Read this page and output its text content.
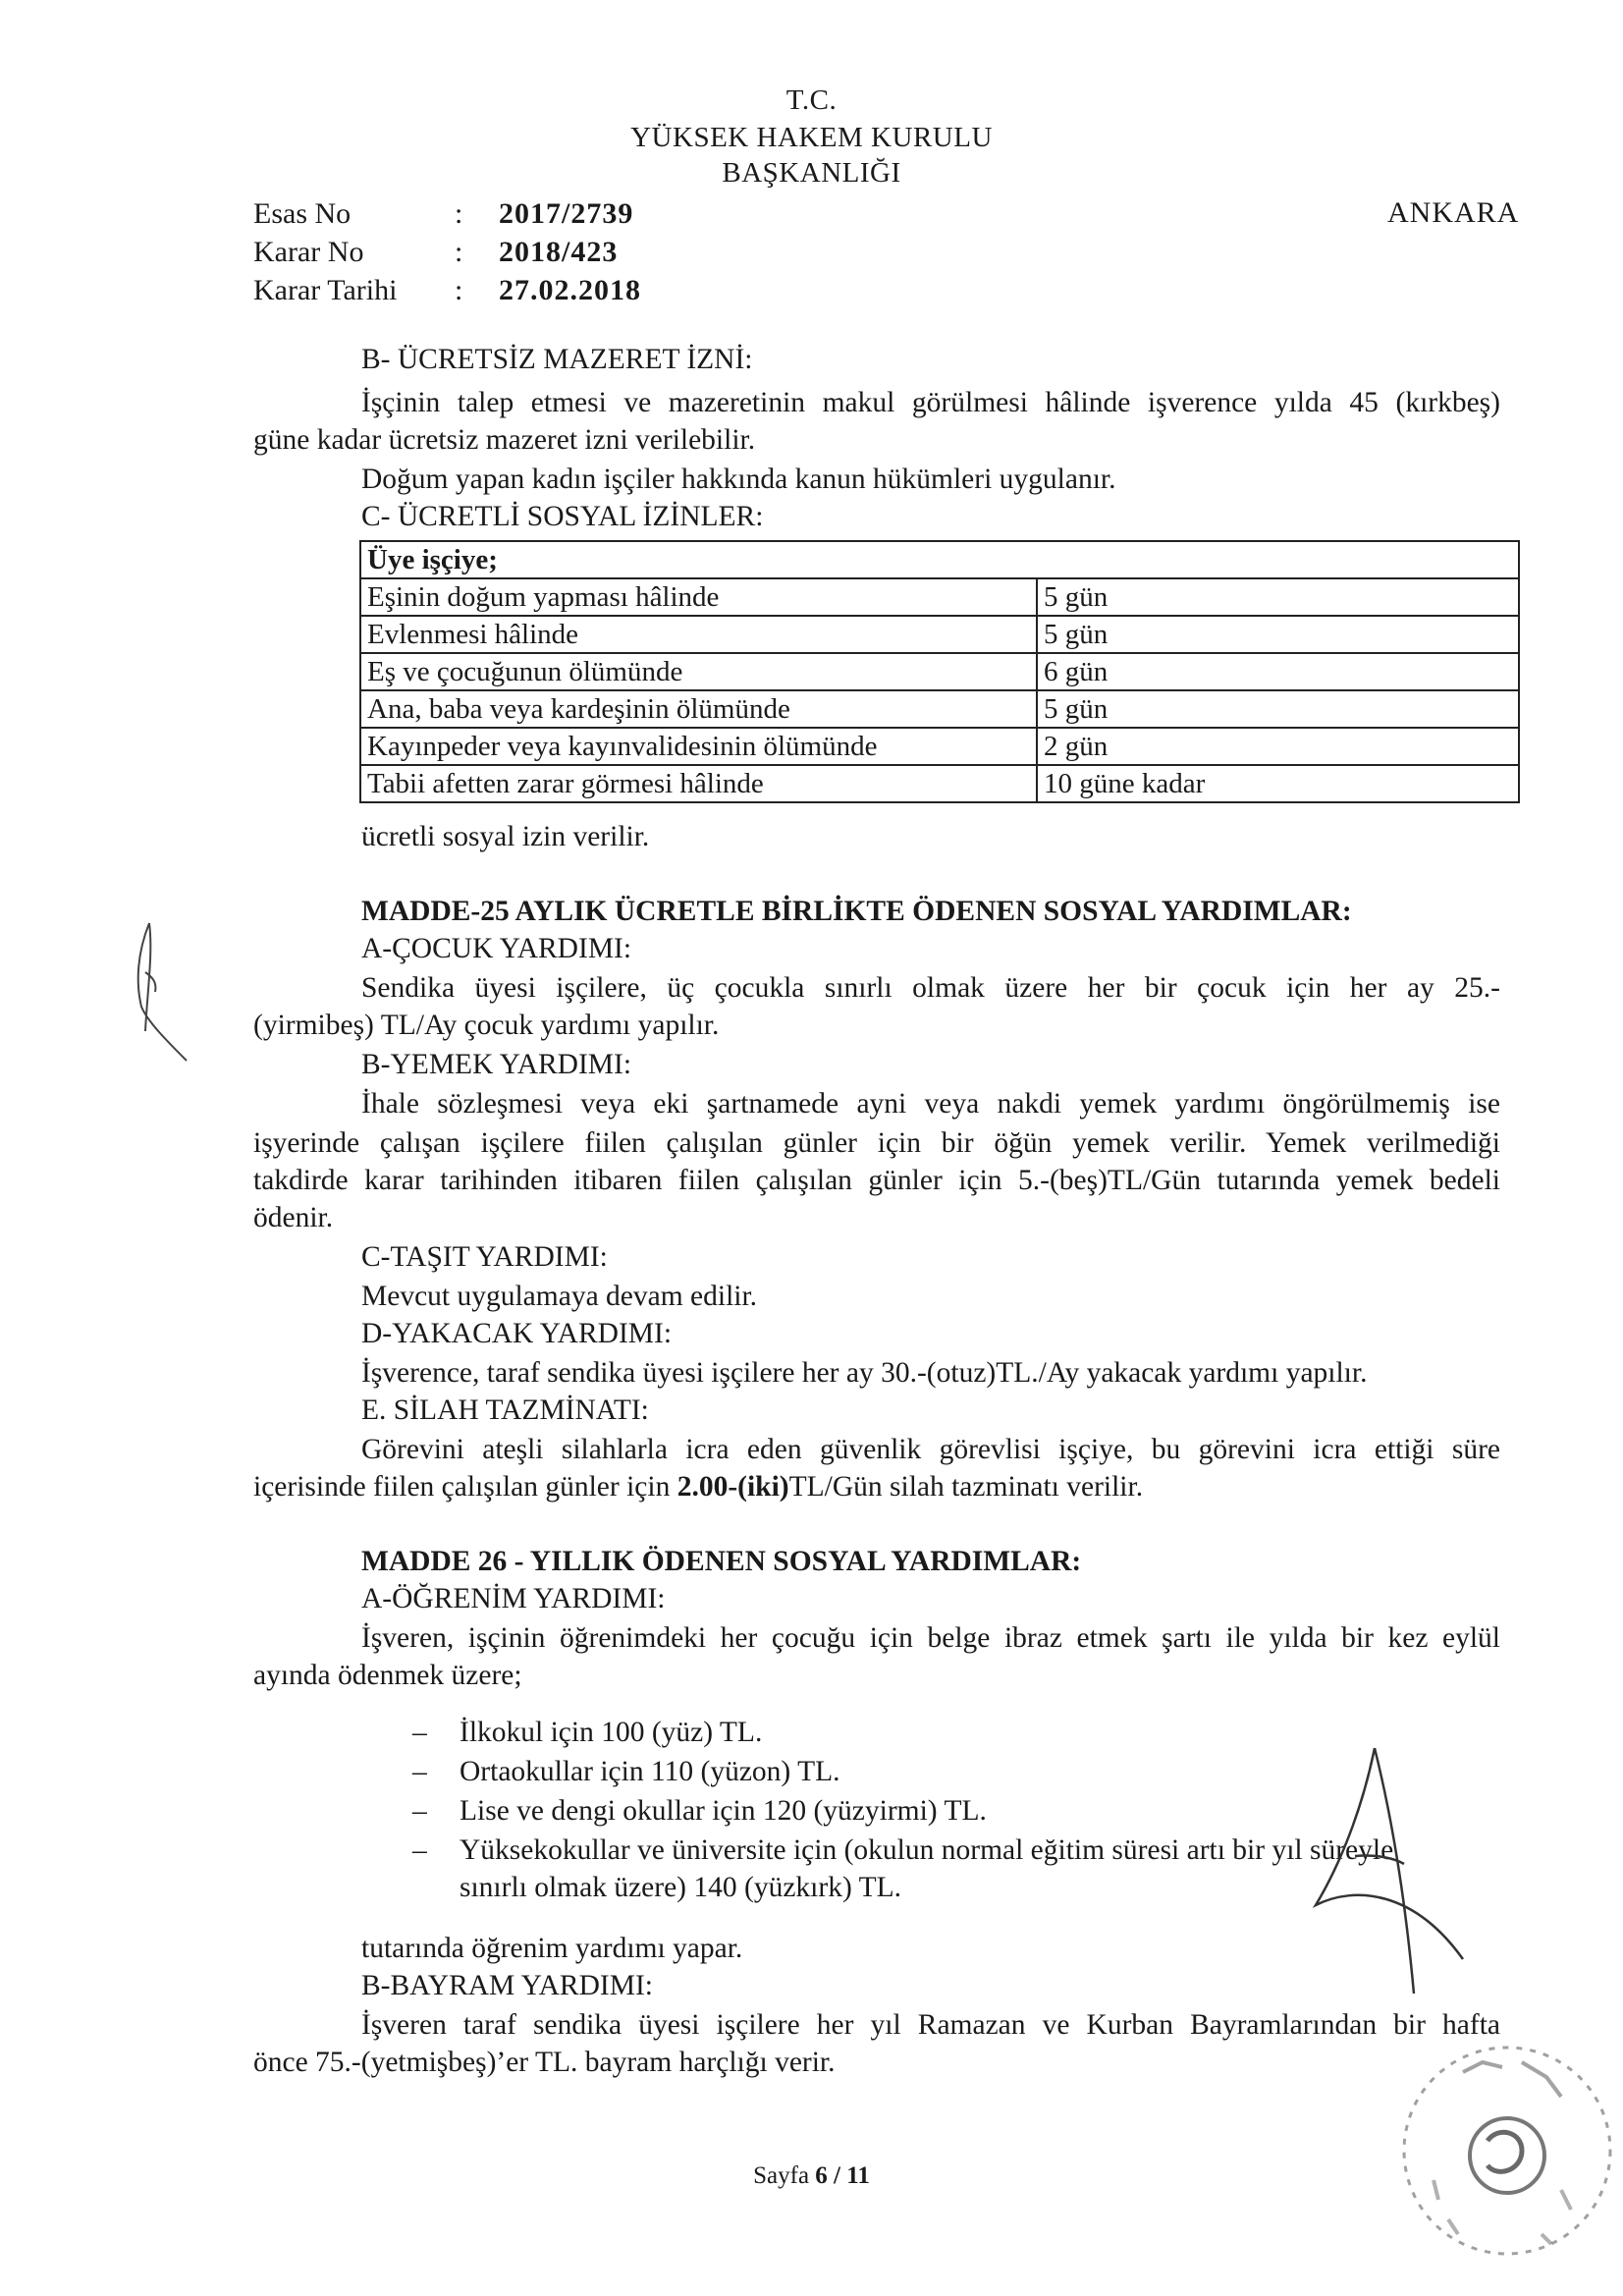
T.C.
YÜKSEK HAKEM KURULU
BAŞKANLIĞI
Esas No	:	2017/2739
Karar No	:	2018/423
Karar Tarihi	:	27.02.2018
ANKARA
B- ÜCRETSİZ MAZERET İZNİ:
İşçinin talep etmesi ve mazeretinin makul görülmesi hâlinde işverence yılda 45 (kırkbeş)
güne kadar ücretsiz mazeret izni verilebilir.
Doğum yapan kadın işçiler hakkında kanun hükümleri uygulanır.
C- ÜCRETLİ SOSYAL İZİNLER:
Üye işçiye;	
Eşinin doğum yapması hâlinde	5 gün
Evlenmesi hâlinde	5 gün
Eş ve çocuğunun ölümünde	6 gün
Ana, baba veya kardeşinin ölümünde	5 gün
Kayınpeder veya kayınvalidesinin ölümünde	2 gün
Tabii afetten zarar görmesi hâlinde	10 güne kadar
ücretli sosyal izin verilir.
MADDE-25 AYLIK ÜCRETLE BİRLİKTE ÖDENEN SOSYAL YARDIMLAR:
A-ÇOCUK YARDIMI:
Sendika üyesi işçilere, üç çocukla sınırlı olmak üzere her bir çocuk için her ay 25.-
(yirmibeş) TL/Ay çocuk yardımı yapılır.
B-YEMEK YARDIMI:
İhale sözleşmesi veya eki şartnamede ayni veya nakdi yemek yardımı öngörülmemiş ise
işyerinde çalışan işçilere fiilen çalışılan günler için bir öğün yemek verilir. Yemek verilmediği
takdirde karar tarihinden itibaren fiilen çalışılan günler için 5.-(beş)TL/Gün tutarında yemek bedeli
ödenir.
C-TAŞIT YARDIMI:
Mevcut uygulamaya devam edilir.
D-YAKACAK YARDIMI:
İşverence, taraf sendika üyesi işçilere her ay 30.-(otuz)TL./Ay yakacak yardımı yapılır.
E. SİLAH TAZMİNATI:
Görevini ateşli silahlarla icra eden güvenlik görevlisi işçiye, bu görevini icra ettiği süre
içerisinde fiilen çalışılan günler için 2.00-(iki)TL/Gün silah tazminatı verilir.
MADDE 26 - YILLIK ÖDENEN SOSYAL YARDIMLAR:
A-ÖĞRENİM YARDIMI:
İşveren, işçinin öğrenimdeki her çocuğu için belge ibraz etmek şartı ile yılda bir kez eylül
ayında ödenmek üzere;
– İlkokul için 100 (yüz) TL.
– Ortaokullar için 110 (yüzon) TL.
– Lise ve dengi okullar için 120 (yüzyirmi) TL.
– Yüksekokullar ve üniversite için (okulun normal eğitim süresi artı bir yıl süreyle
sınırlı olmak üzere) 140 (yüzkırk) TL.
tutarında öğrenim yardımı yapar.
B-BAYRAM YARDIMI:
İşveren taraf sendika üyesi işçilere her yıl Ramazan ve Kurban Bayramlarından bir hafta
önce 75.-(yetmişbeş)’er TL. bayram harçlığı verir.
Sayfa 6 / 11
